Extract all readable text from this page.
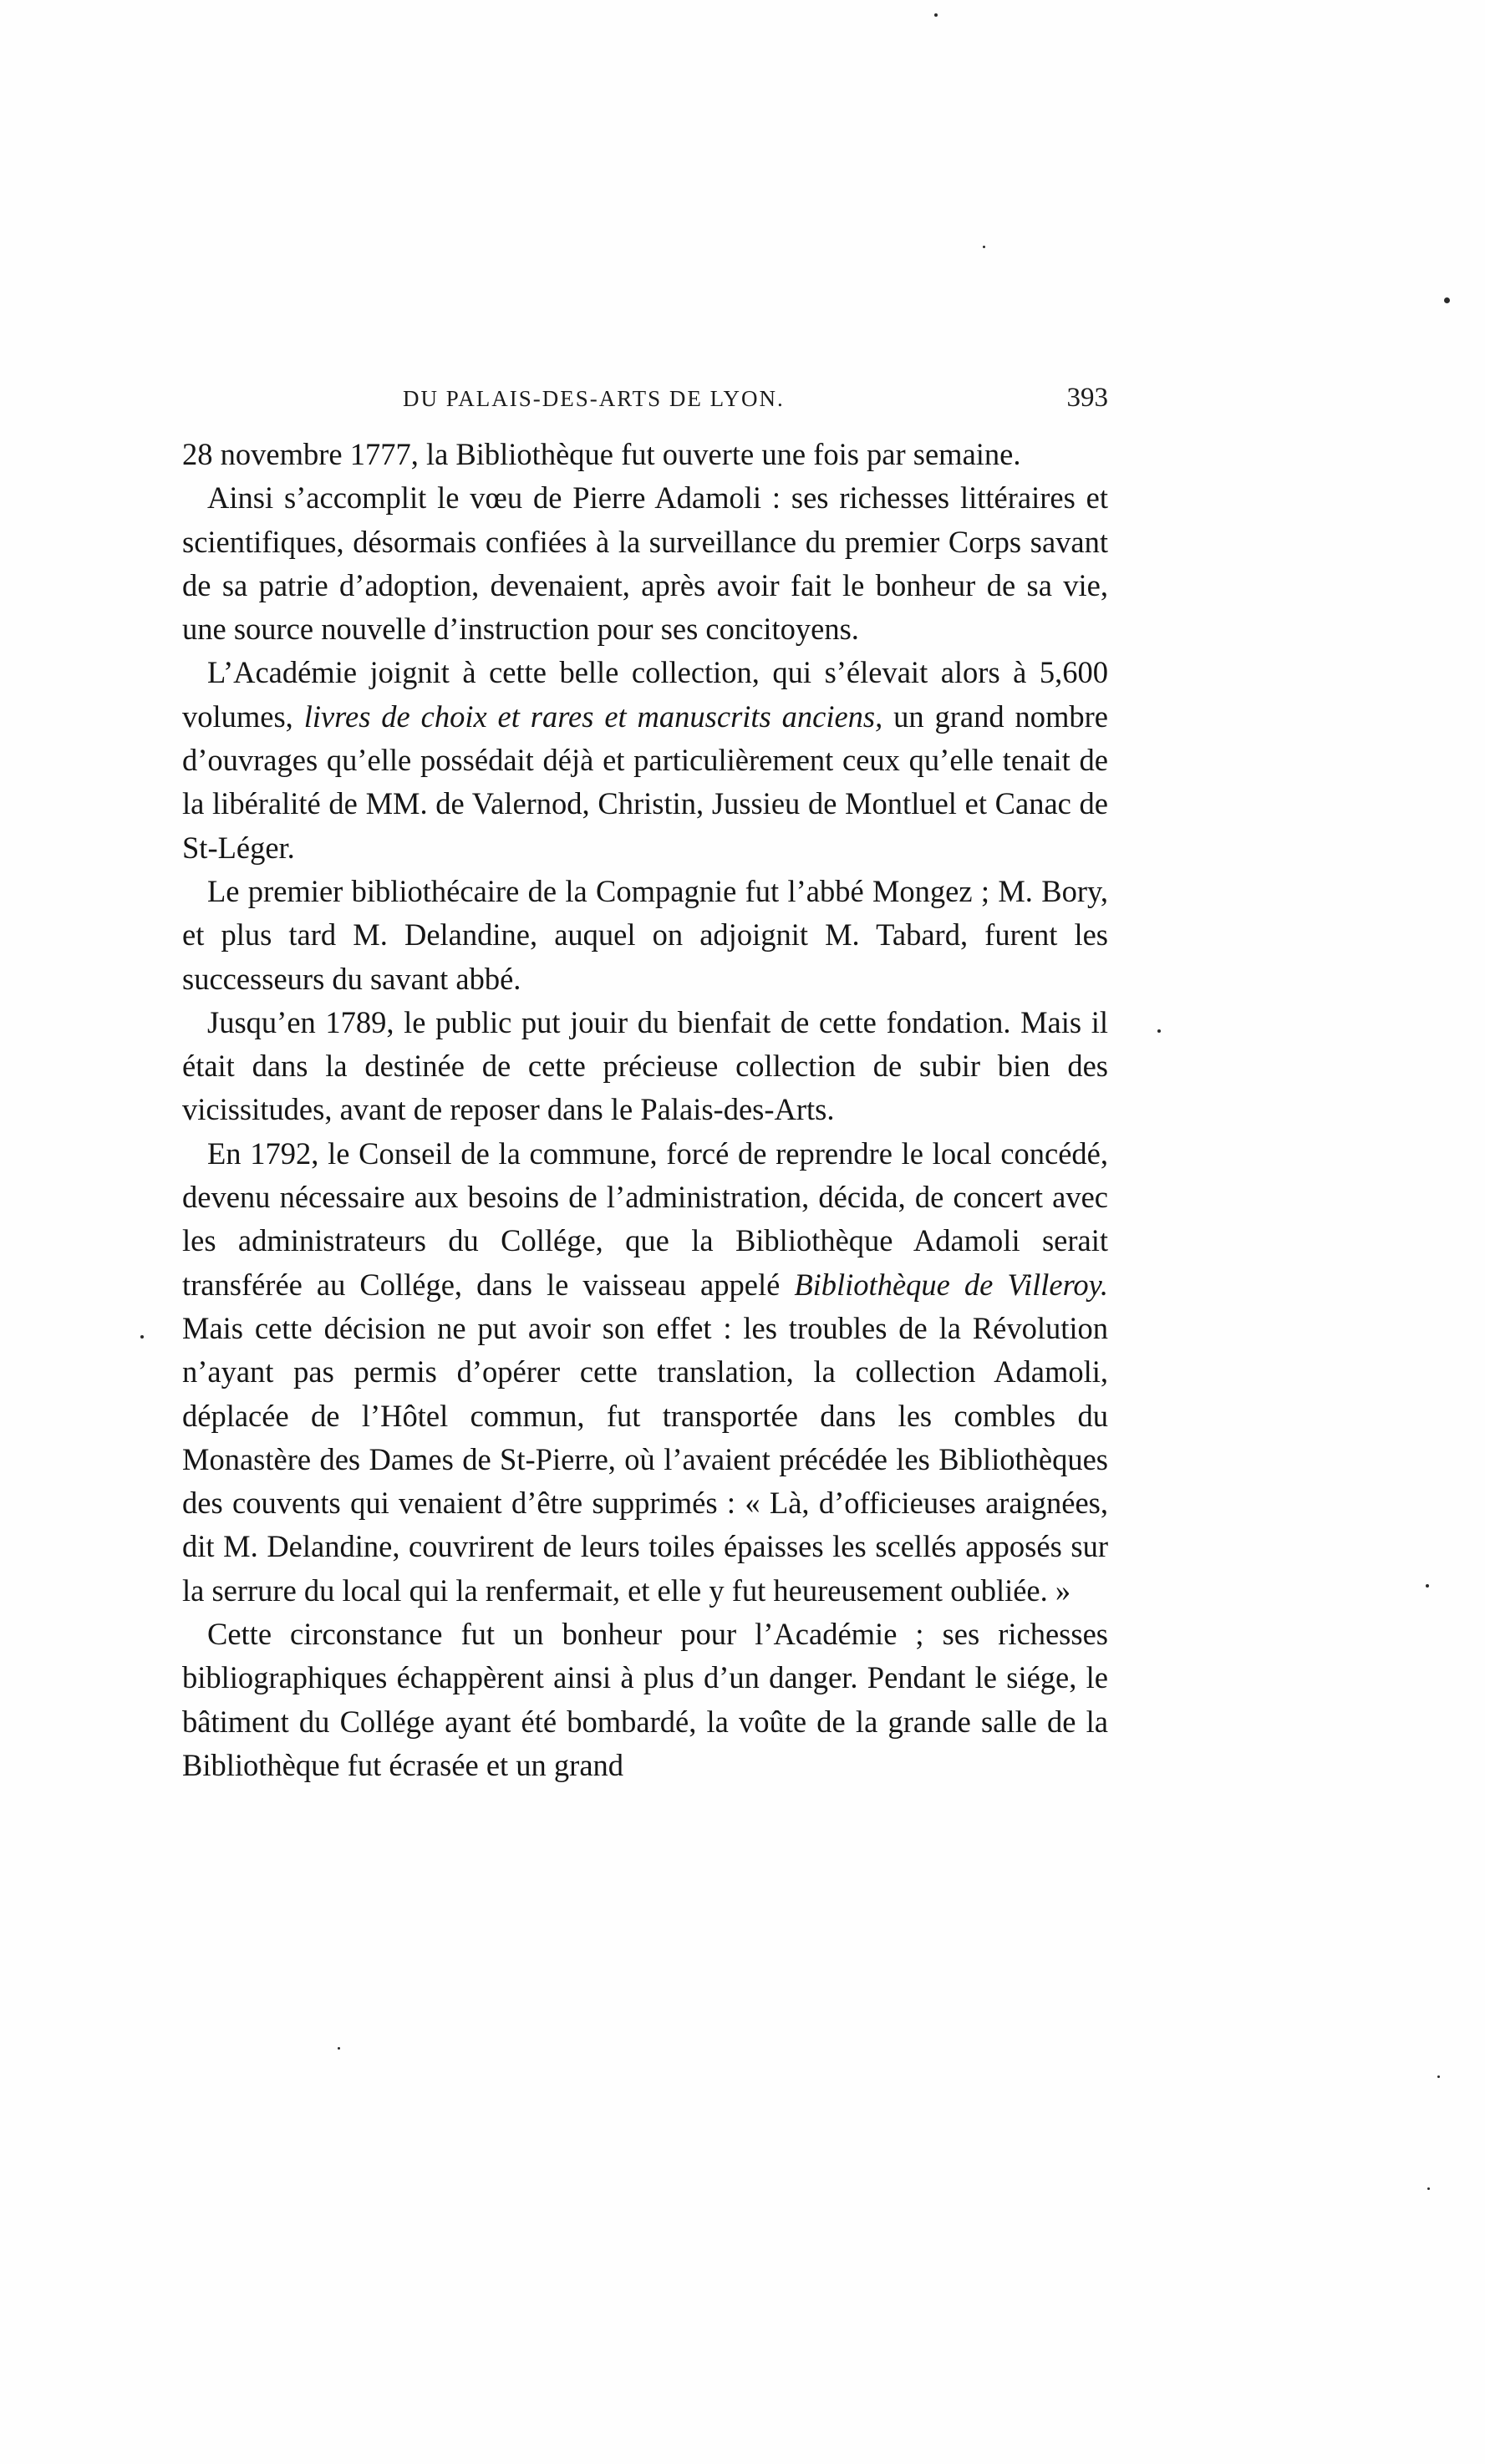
DU PALAIS-DES-ARTS DE LYON.	393

28 novembre 1777, la Bibliothèque fut ouverte une fois par semaine.

Ainsi s’accomplit le vœu de Pierre Adamoli : ses richesses littéraires et scientifiques, désormais confiées à la surveillance du premier Corps savant de sa patrie d’adoption, devenaient, après avoir fait le bonheur de sa vie, une source nouvelle d’instruction pour ses concitoyens.

L’Académie joignit à cette belle collection, qui s’élevait alors à 5,600 volumes, livres de choix et rares et manuscrits anciens, un grand nombre d’ouvrages qu’elle possédait déjà et particulièrement ceux qu’elle tenait de la libéralité de MM. de Valernod, Christin, Jussieu de Montluel et Canac de St-Léger.

Le premier bibliothécaire de la Compagnie fut l’abbé Mongez ; M. Bory, et plus tard M. Delandine, auquel on adjoignit M. Tabard, furent les successeurs du savant abbé.

Jusqu’en 1789, le public put jouir du bienfait de cette fondation. Mais il était dans la destinée de cette précieuse collection de subir bien des vicissitudes, avant de reposer dans le Palais-des-Arts.

En 1792, le Conseil de la commune, forcé de reprendre le local concédé, devenu nécessaire aux besoins de l’administration, décida, de concert avec les administrateurs du Collége, que la Bibliothèque Adamoli serait transférée au Collége, dans le vaisseau appelé Bibliothèque de Villeroy. Mais cette décision ne put avoir son effet : les troubles de la Révolution n’ayant pas permis d’opérer cette translation, la collection Adamoli, déplacée de l’Hôtel commun, fut transportée dans les combles du Monastère des Dames de St-Pierre, où l’avaient précédée les Bibliothèques des couvents qui venaient d’être supprimés : « Là, d’officieuses araignées, dit M. Delandine, couvrirent de leurs toiles épaisses les scellés apposés sur la serrure du local qui la renfermait, et elle y fut heureusement oubliée. »

Cette circonstance fut un bonheur pour l’Académie ; ses richesses bibliographiques échappèrent ainsi à plus d’un danger. Pendant le siége, le bâtiment du Collége ayant été bombardé, la voûte de la grande salle de la Bibliothèque fut écrasée et un grand
